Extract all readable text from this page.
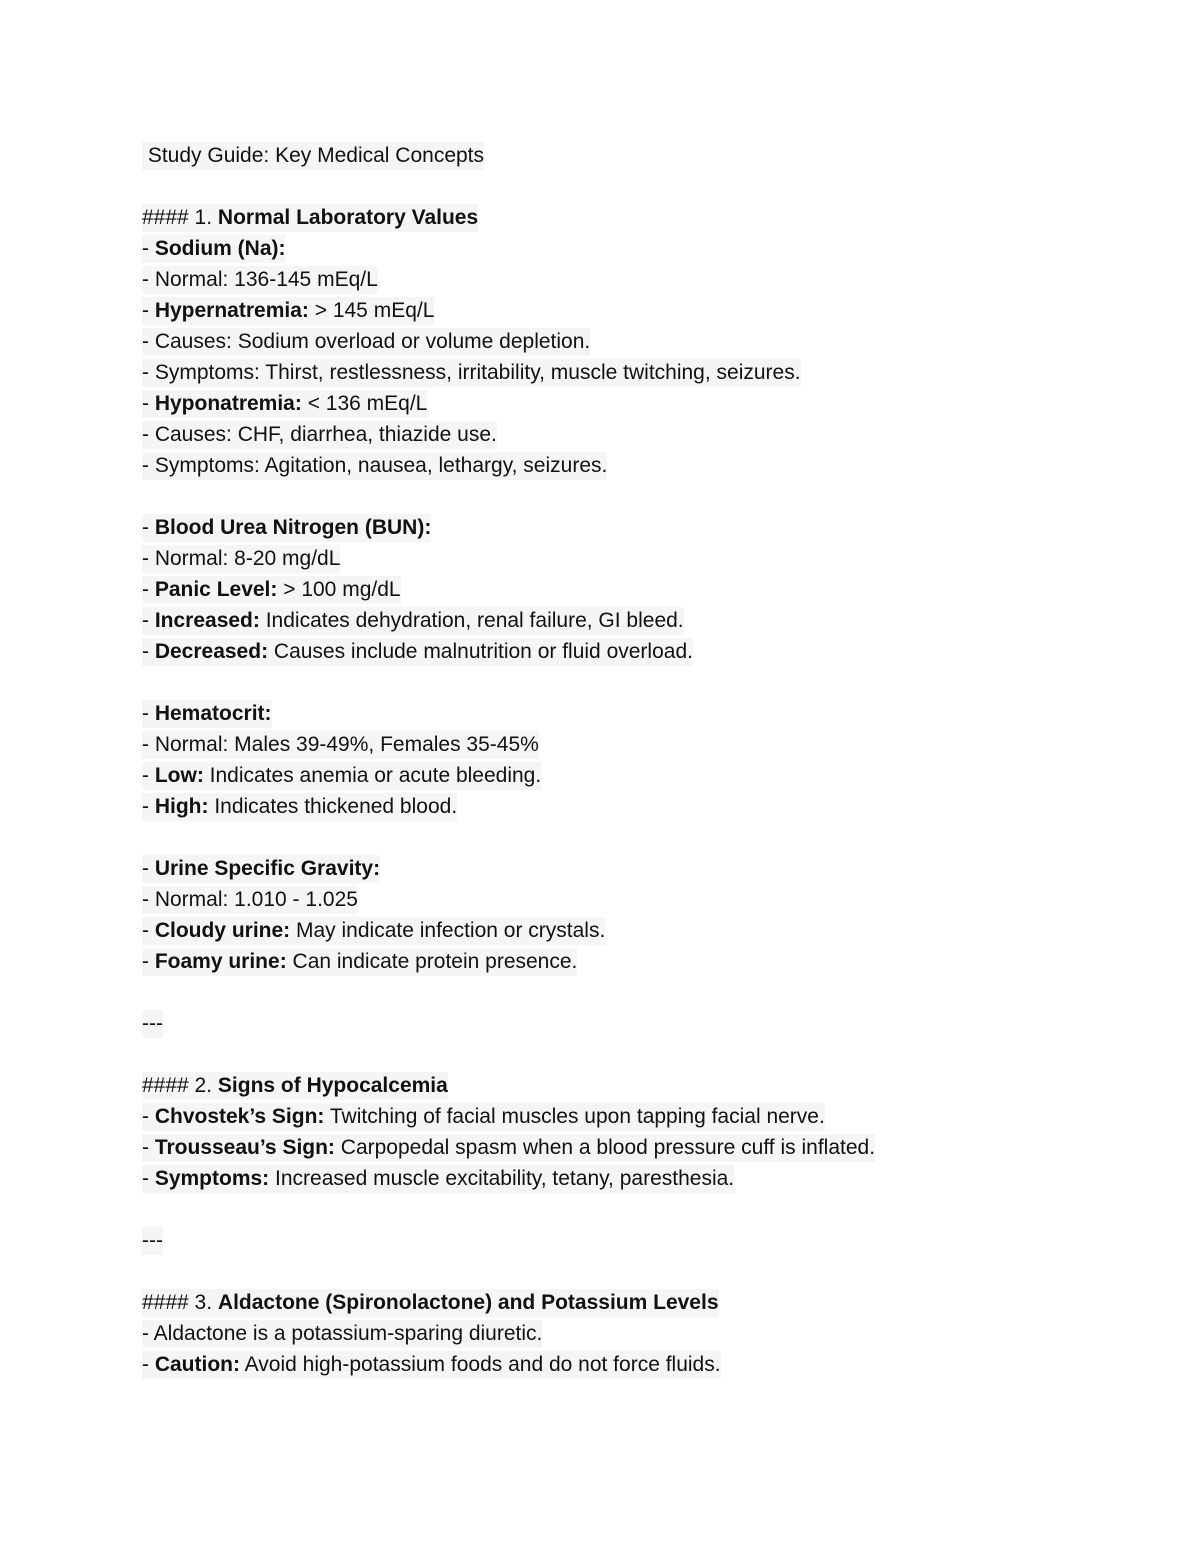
Study Guide: Key Medical Concepts
#### 1. Normal Laboratory Values
- Sodium (Na):
- Normal: 136-145 mEq/L
- Hypernatremia: > 145 mEq/L
- Causes: Sodium overload or volume depletion.
- Symptoms: Thirst, restlessness, irritability, muscle twitching, seizures.
- Hyponatremia: < 136 mEq/L
- Causes: CHF, diarrhea, thiazide use.
- Symptoms: Agitation, nausea, lethargy, seizures.
- Blood Urea Nitrogen (BUN):
- Normal: 8-20 mg/dL
- Panic Level: > 100 mg/dL
- Increased: Indicates dehydration, renal failure, GI bleed.
- Decreased: Causes include malnutrition or fluid overload.
- Hematocrit:
- Normal: Males 39-49%, Females 35-45%
- Low: Indicates anemia or acute bleeding.
- High: Indicates thickened blood.
- Urine Specific Gravity:
- Normal: 1.010 - 1.025
- Cloudy urine: May indicate infection or crystals.
- Foamy urine: Can indicate protein presence.
---
#### 2. Signs of Hypocalcemia
- Chvostek’s Sign: Twitching of facial muscles upon tapping facial nerve.
- Trousseau’s Sign: Carpopedal spasm when a blood pressure cuff is inflated.
- Symptoms: Increased muscle excitability, tetany, paresthesia.
---
#### 3. Aldactone (Spironolactone) and Potassium Levels
- Aldactone is a potassium-sparing diuretic.
- Caution: Avoid high-potassium foods and do not force fluids.
